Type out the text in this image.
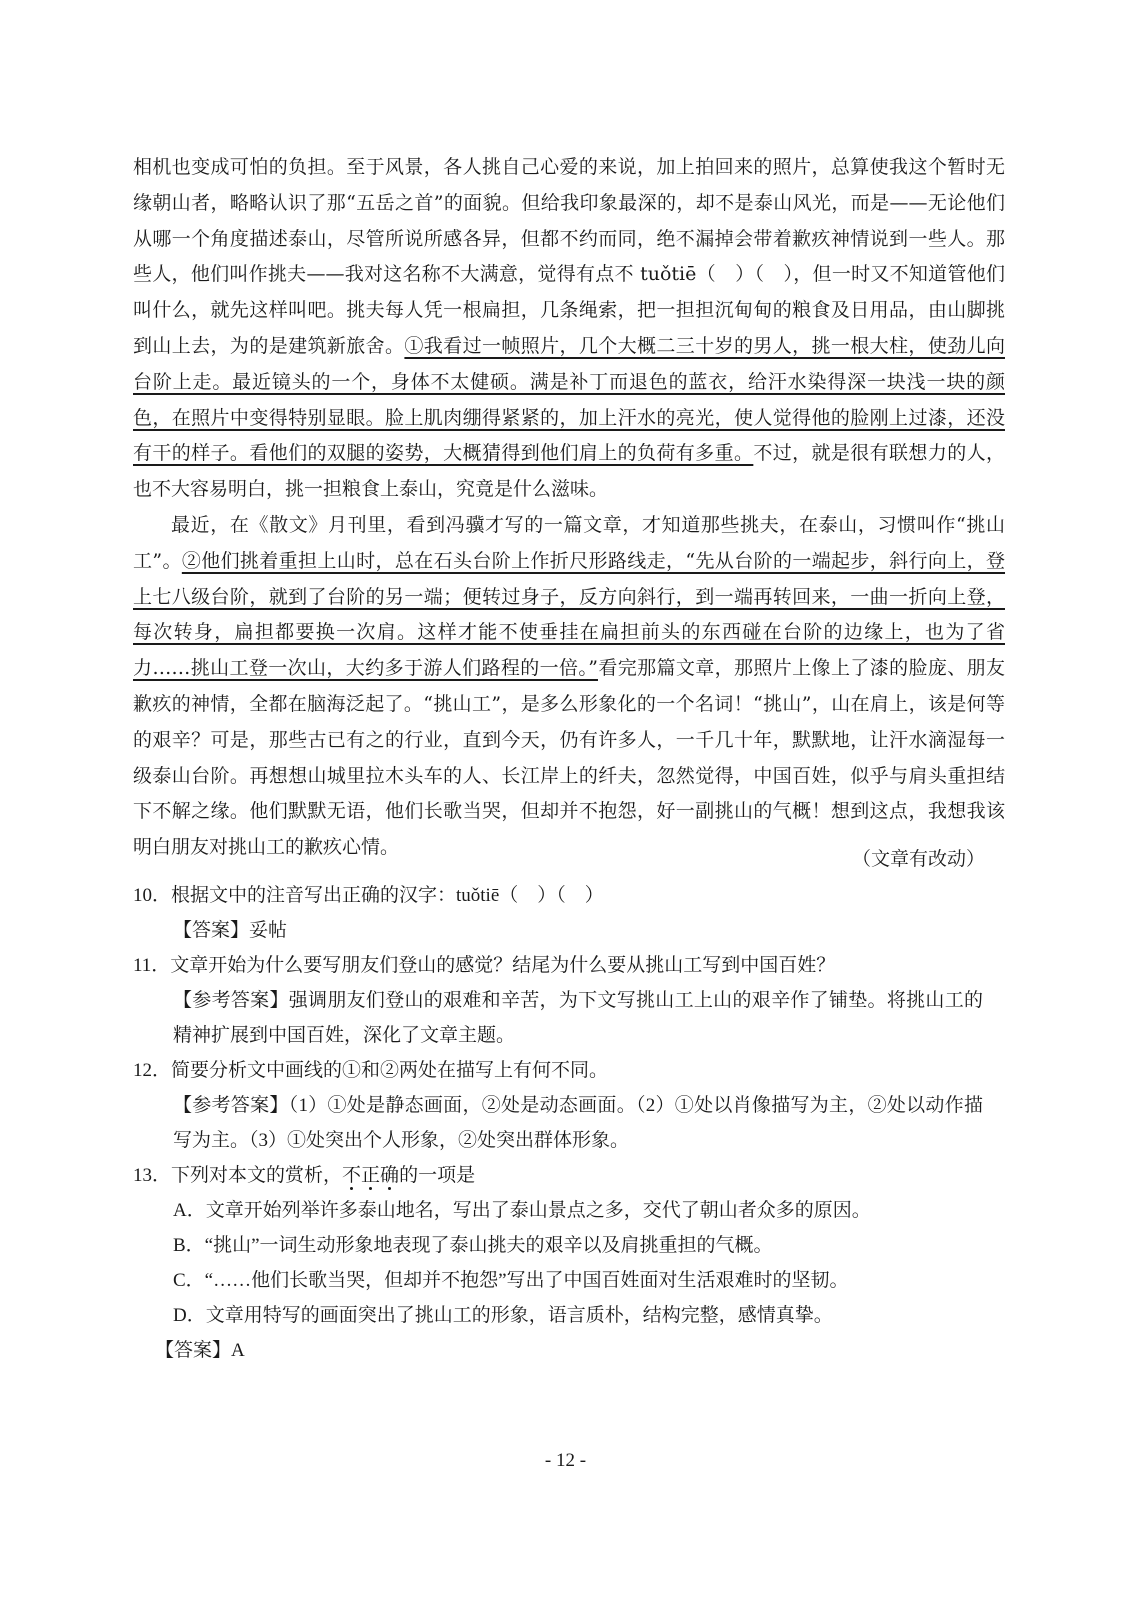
相机也变成可怕的负担。至于风景，各人挑自己心爱的来说，加上拍回来的照片，总算使我这个暂时无缘朝山者，略略认识了那“五岳之首”的面貌。但给我印象最深的，却不是泰山风光，而是——无论他们从哪一个角度描述泰山，尽管所说所感各异，但都不约而同，绝不漏掉会带着歉疚神情说到一些人。那些人，他们叫作挑夫——我对这名称不大满意，觉得有点不 tuǒtiē（　）（　），但一时又不知道管他们叫什么，就先这样叫吧。挑夫每人凭一根扁担，几条绳索，把一担担沉甸甸的粮食及日用品，由山脚挑到山上去，为的是建筑新旅舍。①我看过一帧照片，几个大概二三十岁的男人，挑一根大柱，使劲儿向台阶上走。最近镜头的一个，身体不太健硕。满是补丁而退色的蓝衣，给汗水染得深一块浅一块的颜色，在照片中变得特别显眼。脸上肌肉绷得紧紧的，加上汗水的亮光，使人觉得他的脸刚上过漆，还没有干的样子。看他们的双腿的姿势，大概猜得到他们肩上的负荷有多重。不过，就是很有联想力的人，也不大容易明白，挑一担粮食上泰山，究竟是什么滋味。

最近，在《散文》月刊里，看到冯骥才写的一篇文章，才知道那些挑夫，在泰山，习惯叫作“挑山工”。②他们挑着重担上山时，总在石头台阶上作折尺形路线走，“先从台阶的一端起步，斜行向上，登上七八级台阶，就到了台阶的另一端；便转过身子，反方向斜行，到一端再转回来，一曲一折向上登，每次转身，扁担都要换一次肩。这样才能不使垂挂在扁担前头的东西碰在台阶的边缘上，也为了省力……挑山工登一次山，大约多于游人们路程的一倍。”看完那篇文章，那照片上像上了漆的脸庞、朋友歉疚的神情，全都在脑海泛起了。“挑山工”，是多么形象化的一个名词！“挑山”，山在肩上，该是何等的艰辛？可是，那些古已有之的行业，直到今天，仍有许多人，一千几十年，默默地，让汗水滴湿每一级泰山台阶。再想想山城里拉木头车的人、长江岸上的纤夫，忽然觉得，中国百姓，似乎与肩头重担结下不解之缘。他们默默无语，他们长歌当哭，但却并不抱怨，好一副挑山的气概！想到这点，我想我该明白朋友对挑山工的歉疚心情。

（文章有改动）
10．根据文中的注音写出正确的汉字：tuǒtiē（　）（　）
【答案】妥帖
11．文章开始为什么要写朋友们登山的感觉？结尾为什么要从挑山工写到中国百姓？
【参考答案】强调朋友们登山的艰难和辛苦，为下文写挑山工上山的艰辛作了铺垫。将挑山工的精神扩展到中国百姓，深化了文章主题。
12．简要分析文中画线的①和②两处在描写上有何不同。
【参考答案】（1）①处是静态画面，②处是动态画面。（2）①处以肖像描写为主，②处以动作描写为主。（3）①处突出个人形象，②处突出群体形象。
13．下列对本文的赏析，不
正
确
的一项是
A．文章开始列举许多泰山地名，写出了泰山景点之多，交代了朝山者众多的原因。
B．“挑山”一词生动形象地表现了泰山挑夫的艰辛以及肩挑重担的气概。
C．“……他们长歌当哭，但却并不抱怨”写出了中国百姓面对生活艰难时的坚韧。
D．文章用特写的画面突出了挑山工的形象，语言质朴，结构完整，感情真挚。
【答案】A
- 12 -
